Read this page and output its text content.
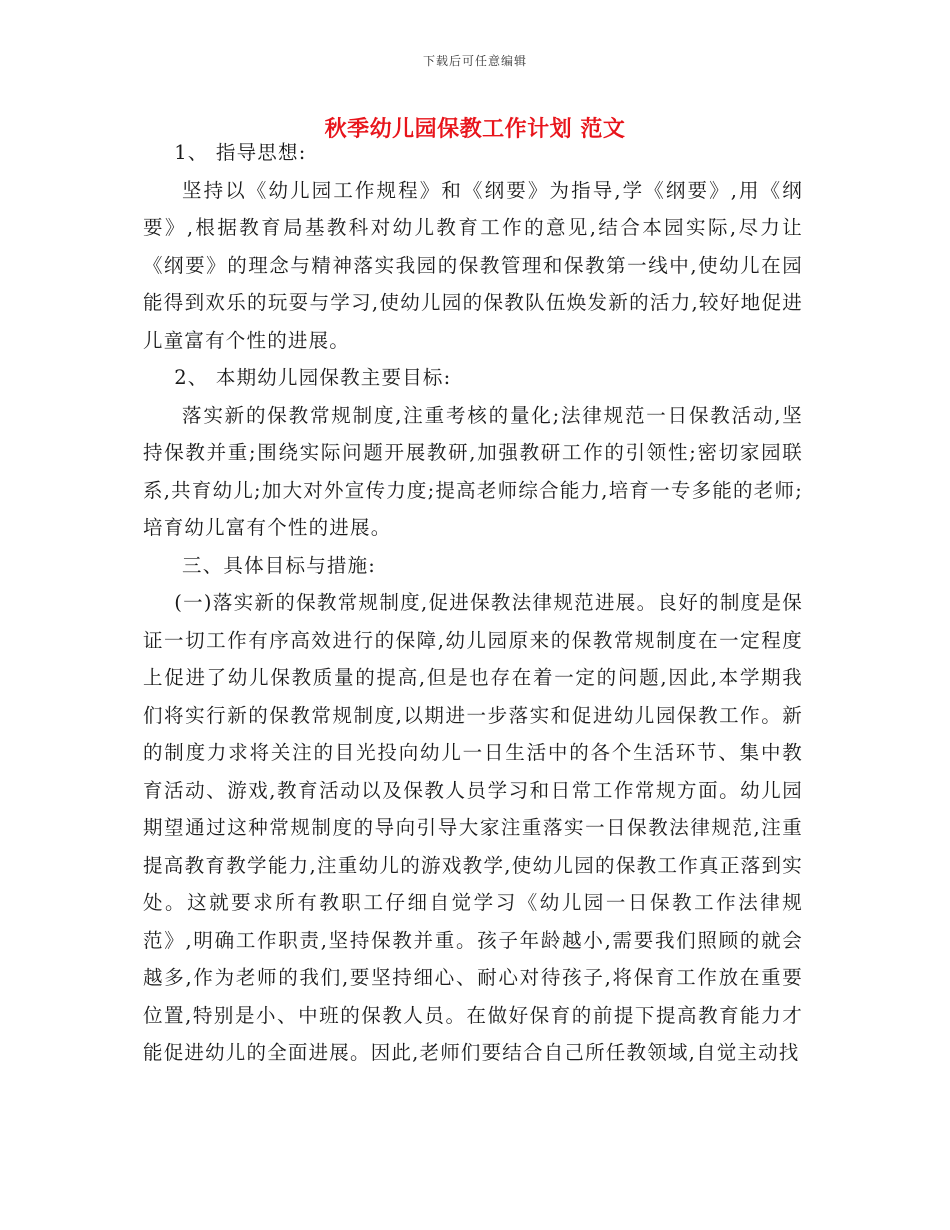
下载后可任意编辑
秋季幼儿园保教工作计划 范文

1、 指导思想:

坚持以《幼儿园工作规程》和《纲要》为指导,学《纲要》,用《纲要》,根据教育局基教科对幼儿教育工作的意见,结合本园实际,尽力让《纲要》的理念与精神落实我园的保教管理和保教第一线中,使幼儿在园能得到欢乐的玩耍与学习,使幼儿园的保教队伍焕发新的活力,较好地促进儿童富有个性的进展。

2、 本期幼儿园保教主要目标:

落实新的保教常规制度,注重考核的量化;法律规范一日保教活动,坚持保教并重;围绕实际问题开展教研,加强教研工作的引领性;密切家园联系,共育幼儿;加大对外宣传力度;提高老师综合能力,培育一专多能的老师;培育幼儿富有个性的进展。

三、具体目标与措施:

(一)落实新的保教常规制度,促进保教法律规范进展。良好的制度是保证一切工作有序高效进行的保障,幼儿园原来的保教常规制度在一定程度上促进了幼儿保教质量的提高,但是也存在着一定的问题,因此,本学期我们将实行新的保教常规制度,以期进一步落实和促进幼儿园保教工作。新的制度力求将关注的目光投向幼儿一日生活中的各个生活环节、集中教育活动、游戏,教育活动以及保教人员学习和日常工作常规方面。幼儿园期望通过这种常规制度的导向引导大家注重落实一日保教法律规范,注重提高教育教学能力,注重幼儿的游戏教学,使幼儿园的保教工作真正落到实处。这就要求所有教职工仔细自觉学习《幼儿园一日保教工作法律规范》,明确工作职责,坚持保教并重。孩子年龄越小,需要我们照顾的就会越多,作为老师的我们,要坚持细心、耐心对待孩子,将保育工作放在重要位置,特别是小、中班的保教人员。在做好保育的前提下提高教育能力才能促进幼儿的全面进展。因此,老师们要结合自己所任教领域,自觉主动找
